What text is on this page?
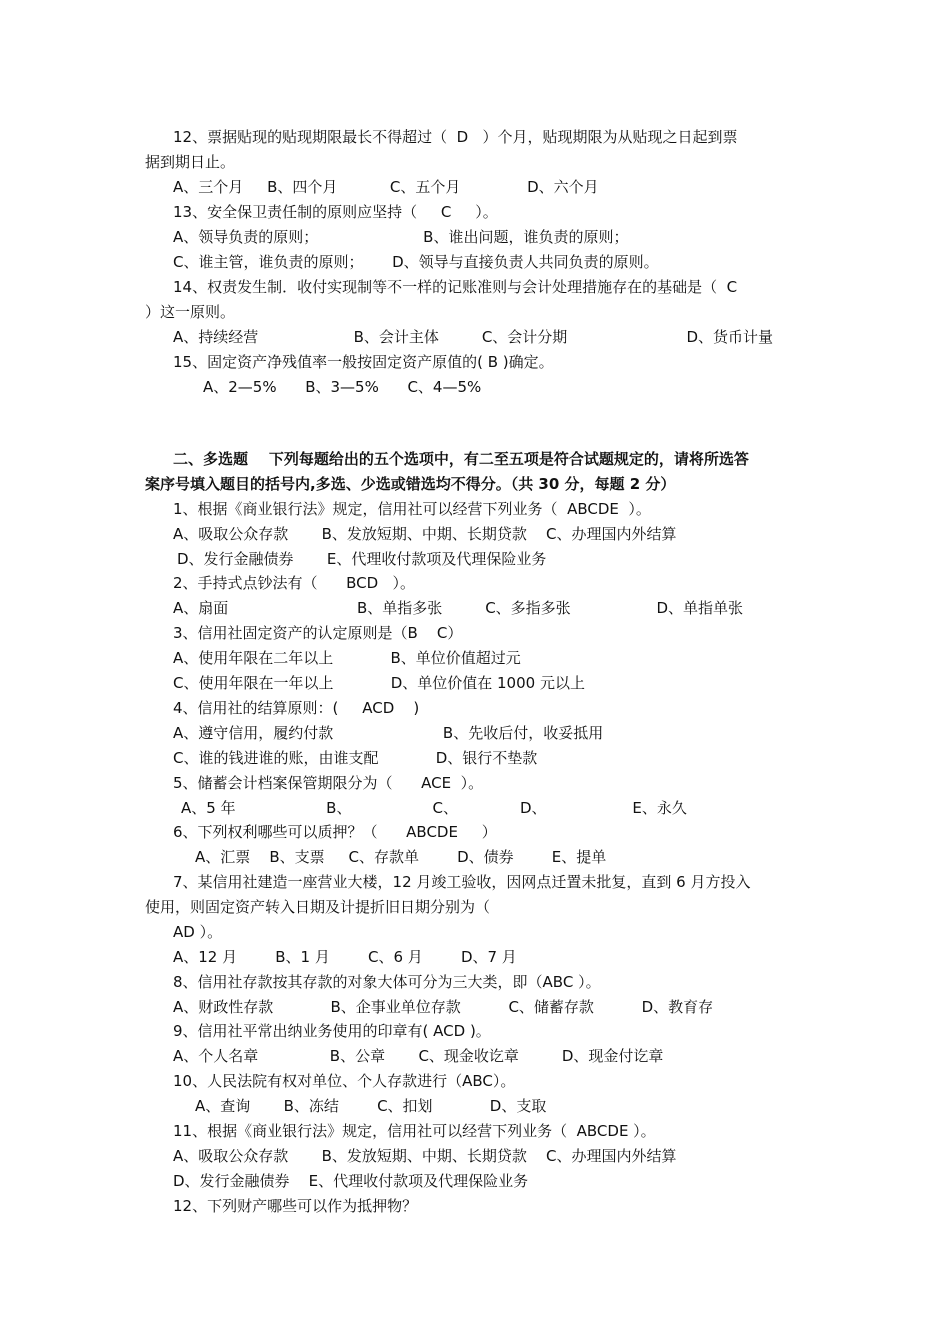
12、票据贴现的贴现期限最长不得超过（  D   ）个月，贴现期限为从贴现之日起到票
据到期日止。
A、三个月     B、四个月           C、五个月              D、六个月
13、安全保卫责任制的原则应坚持（     C     ）。
A、领导负责的原则；                      B、谁出问题，谁负责的原则；
C、谁主管，谁负责的原则；      D、领导与直接负责人共同负责的原则。
14、权责发生制．收付实现制等不一样的记账准则与会计处理措施存在的基础是（  C
）这一原则。
A、持续经营                    B、会计主体         C、会计分期                         D、货币计量
15、固定资产净残值率一般按固定资产原值的( B )确定。
A、2—5%      B、3—5%      C、4—5%
二、多选题    下列每题给出的五个选项中，有二至五项是符合试题规定的，请将所选答
案序号填入题目的括号内,多选、少选或错选均不得分。（共 30 分，每题 2 分）
1、根据《商业银行法》规定，信用社可以经营下列业务（  ABCDE  ）。
A、吸取公众存款       B、发放短期、中期、长期贷款    C、办理国内外结算
D、发行金融债券       E、代理收付款项及代理保险业务
2、手持式点钞法有（      BCD   ）。
A、扇面                           B、单指多张         C、多指多张                  D、单指单张
3、信用社固定资产的认定原则是（B    C）
A、使用年限在二年以上            B、单位价值超过元
C、使用年限在一年以上            D、单位价值在 1000 元以上
4、信用社的结算原则：(     ACD    )
A、遵守信用，履约付款                       B、先收后付，收妥抵用
C、谁的钱进谁的账，由谁支配            D、银行不垫款
5、储蓄会计档案保管期限分为（      ACE  ）。
A、5 年                   B、                 C、             D、                  E、永久
6、下列权利哪些可以质押？（      ABCDE     ）
A、汇票    B、支票     C、存款单        D、债券        E、提单
7、某信用社建造一座营业大楼，12 月竣工验收，因网点迁置未批复，直到 6 月方投入
使用，则固定资产转入日期及计提折旧日期分别为（
AD ）。
A、12 月        B、1 月        C、6 月        D、7 月
8、信用社存款按其存款的对象大体可分为三大类，即（ABC ）。
A、财政性存款            B、企事业单位存款          C、储蓄存款          D、教育存
9、信用社平常出纳业务使用的印章有( ACD )。
A、个人名章               B、公章       C、现金收讫章         D、现金付讫章
10、人民法院有权对单位、个人存款进行（ABC）。
A、查询       B、冻结        C、扣划            D、支取
11、根据《商业银行法》规定，信用社可以经营下列业务（  ABCDE ）。
A、吸取公众存款       B、发放短期、中期、长期贷款    C、办理国内外结算
D、发行金融债券    E、代理收付款项及代理保险业务
12、下列财产哪些可以作为抵押物？
